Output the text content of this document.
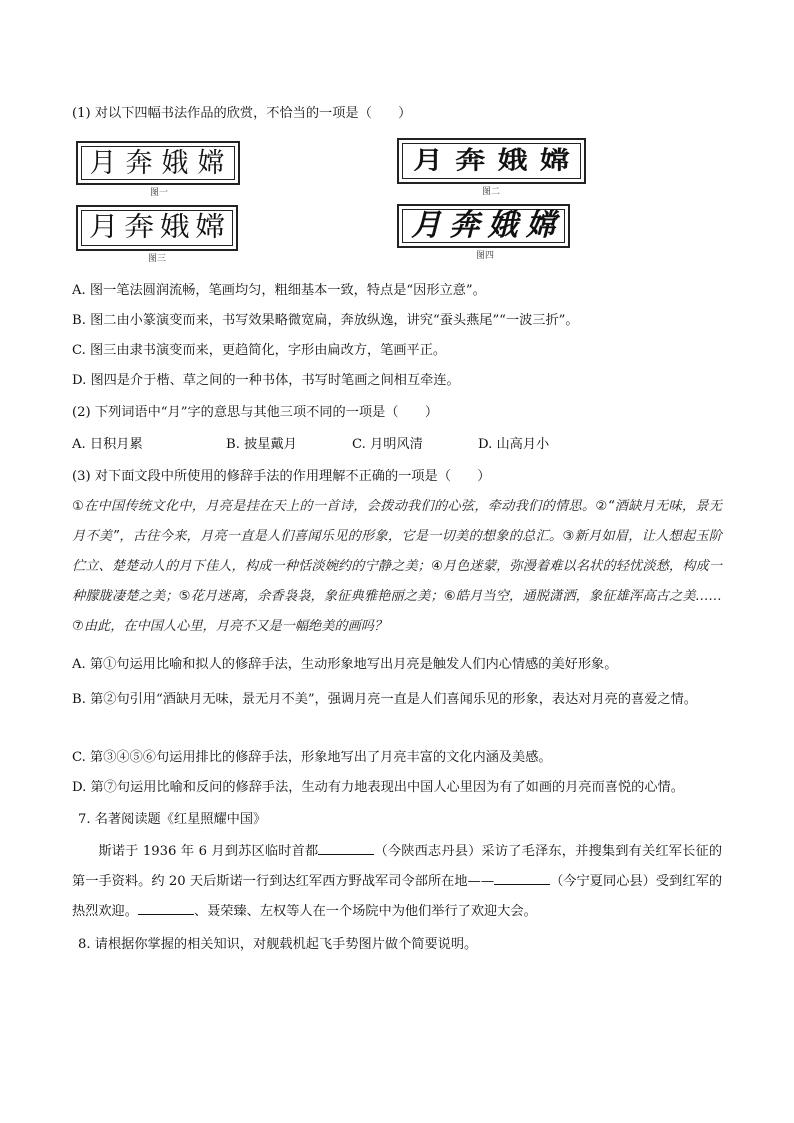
(1) 对以下四幅书法作品的欣赏，不恰当的一项是（　　）
月 奔 娥 嫦
图一
月 奔 娥 嫦
图二
月 奔 娥 嫦
图三
月 奔 娥 嫦
图四
A. 图一笔法圆润流畅，笔画均匀，粗细基本一致，特点是“因形立意”。
B. 图二由小篆演变而来，书写效果略微宽扁，奔放纵逸，讲究“蚕头燕尾”“一波三折”。
C. 图三由隶书演变而来，更趋简化，字形由扁改方，笔画平正。
D. 图四是介于楷、草之间的一种书体，书写时笔画之间相互牵连。
(2) 下列词语中“月”字的意思与其他三项不同的一项是（　　）
A. 日积月累	B. 披星戴月	C. 月明风清	D. 山高月小
(3) 对下面文段中所使用的修辞手法的作用理解不正确的一项是（　　）
①在中国传统文化中，月亮是挂在天上的一首诗，会拨动我们的心弦，牵动我们的情思。②“酒缺月无味，景无月不美”，古往今来，月亮一直是人们喜闻乐见的形象，它是一切美的想象的总汇。③新月如眉，让人想起玉阶伫立、楚楚动人的月下佳人，构成一种恬淡婉约的宁静之美；④月色迷蒙，弥漫着难以名状的轻忧淡愁，构成一种朦胧凄楚之美；⑤花月迷离，余香袅袅，象征典雅艳丽之美；⑥皓月当空，通脱潇洒，象征雄浑高古之美……⑦由此，在中国人心里，月亮不又是一幅绝美的画吗？
A. 第①句运用比喻和拟人的修辞手法，生动形象地写出月亮是触发人们内心情感的美好形象。
B. 第②句引用“酒缺月无味，景无月不美”，强调月亮一直是人们喜闻乐见的形象，表达对月亮的喜爱之情。
C. 第③④⑤⑥句运用排比的修辞手法，形象地写出了月亮丰富的文化内涵及美感。
D. 第⑦句运用比喻和反问的修辞手法，生动有力地表现出中国人心里因为有了如画的月亮而喜悦的心情。
7. 名著阅读题《红星照耀中国》
斯诺于 1936 年 6 月到苏区临时首都	（今陕西志丹县）采访了毛泽东，并搜集到有关红军长征的第一手资料。约 20 天后斯诺一行到达红军西方野战军司令部所在地——	（今宁夏同心县）受到红军的热烈欢迎。	、聂荣臻、左权等人在一个场院中为他们举行了欢迎大会。
8. 请根据你掌握的相关知识，对舰载机起飞手势图片做个简要说明。
